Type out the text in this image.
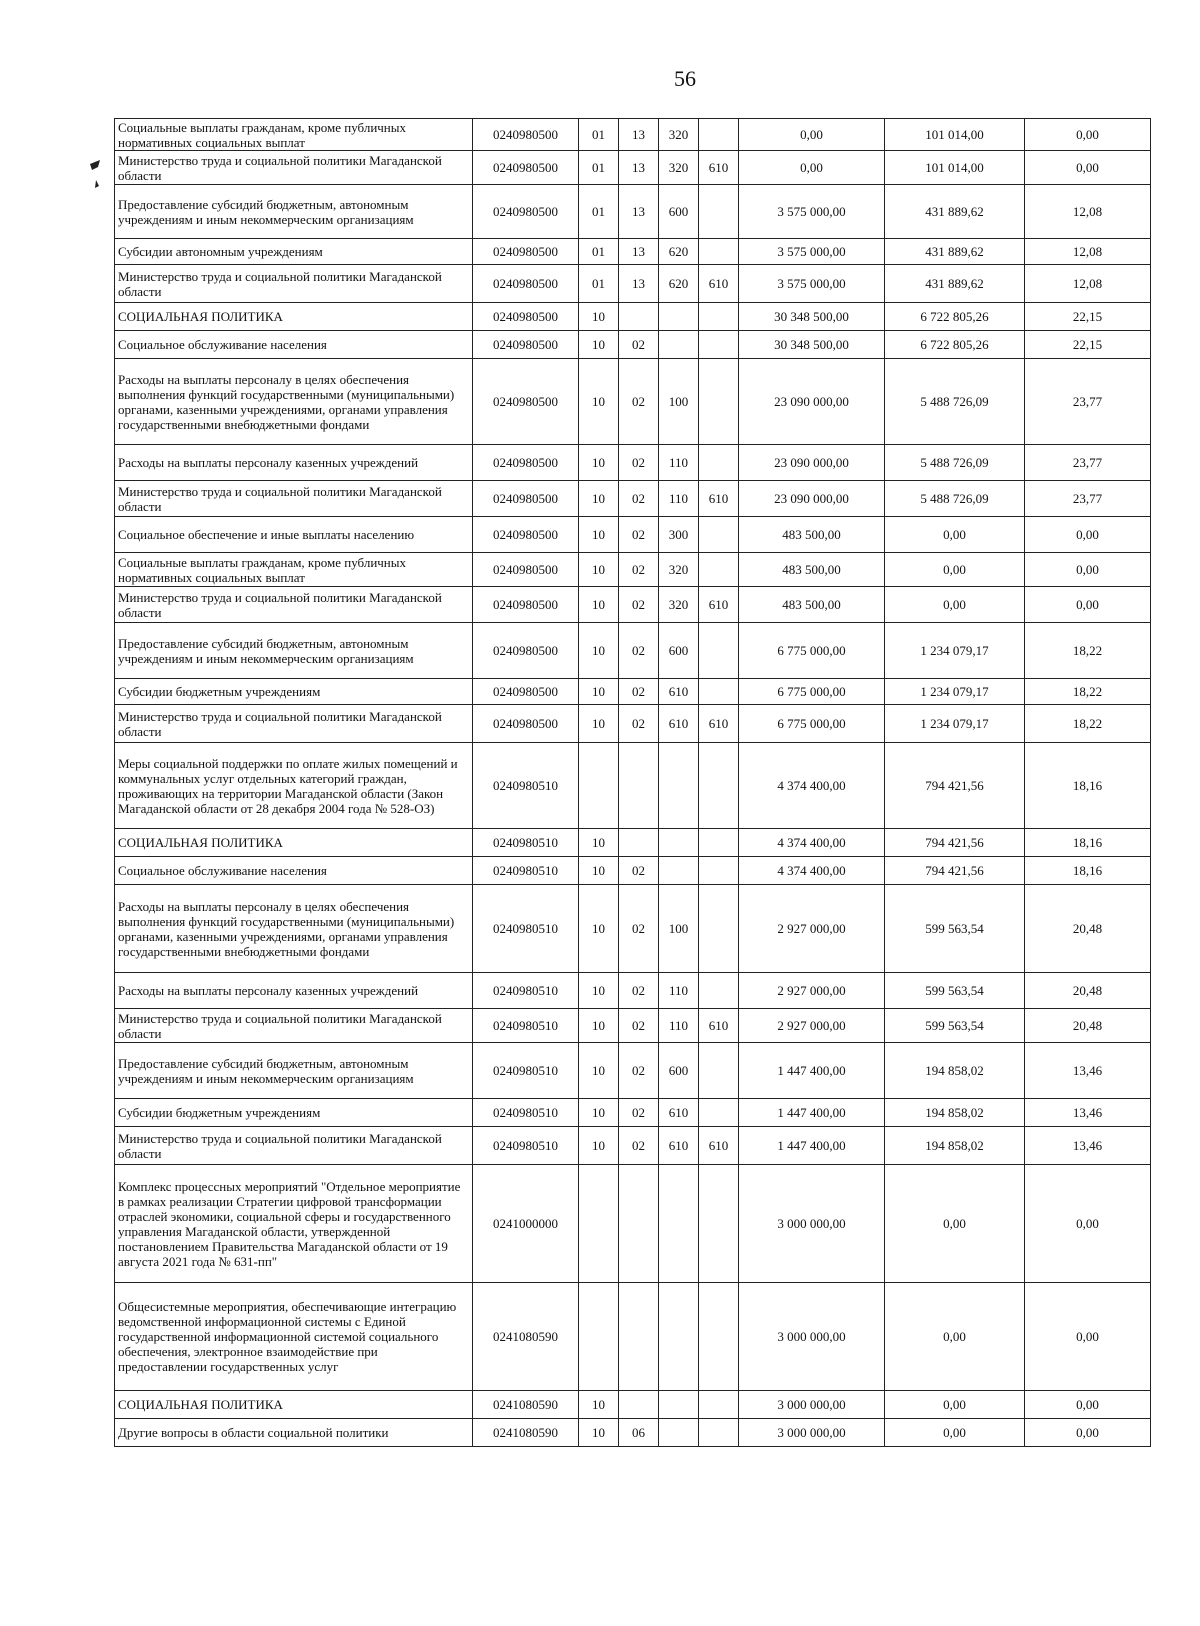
56
Социальные выплаты гражданам, кроме публичных нормативных социальных выплат	0240980500	01	13	320		0,00	101 014,00	0,00
Министерство труда и социальной политики Магаданской области	0240980500	01	13	320	610	0,00	101 014,00	0,00
Предоставление субсидий бюджетным, автономным учреждениям и иным некоммерческим организациям	0240980500	01	13	600		3 575 000,00	431 889,62	12,08
Субсидии автономным учреждениям	0240980500	01	13	620		3 575 000,00	431 889,62	12,08
Министерство труда и социальной политики Магаданской области	0240980500	01	13	620	610	3 575 000,00	431 889,62	12,08
СОЦИАЛЬНАЯ ПОЛИТИКА	0240980500	10				30 348 500,00	6 722 805,26	22,15
Социальное обслуживание населения	0240980500	10	02			30 348 500,00	6 722 805,26	22,15
Расходы на выплаты персоналу в целях обеспечения выполнения функций государственными (муниципальными) органами, казенными учреждениями, органами управления государственными внебюджетными фондами	0240980500	10	02	100		23 090 000,00	5 488 726,09	23,77
Расходы на выплаты персоналу казенных учреждений	0240980500	10	02	110		23 090 000,00	5 488 726,09	23,77
Министерство труда и социальной политики Магаданской области	0240980500	10	02	110	610	23 090 000,00	5 488 726,09	23,77
Социальное обеспечение и иные выплаты населению	0240980500	10	02	300		483 500,00	0,00	0,00
Социальные выплаты гражданам, кроме публичных нормативных социальных выплат	0240980500	10	02	320		483 500,00	0,00	0,00
Министерство труда и социальной политики Магаданской области	0240980500	10	02	320	610	483 500,00	0,00	0,00
Предоставление субсидий бюджетным, автономным учреждениям и иным некоммерческим организациям	0240980500	10	02	600		6 775 000,00	1 234 079,17	18,22
Субсидии бюджетным учреждениям	0240980500	10	02	610		6 775 000,00	1 234 079,17	18,22
Министерство труда и социальной политики Магаданской области	0240980500	10	02	610	610	6 775 000,00	1 234 079,17	18,22
Меры социальной поддержки по оплате жилых помещений и коммунальных услуг отдельных категорий граждан, проживающих на территории Магаданской области (Закон Магаданской области от 28 декабря 2004 года № 528-ОЗ)	0240980510					4 374 400,00	794 421,56	18,16
СОЦИАЛЬНАЯ ПОЛИТИКА	0240980510	10				4 374 400,00	794 421,56	18,16
Социальное обслуживание населения	0240980510	10	02			4 374 400,00	794 421,56	18,16
Расходы на выплаты персоналу в целях обеспечения выполнения функций государственными (муниципальными) органами, казенными учреждениями, органами управления государственными внебюджетными фондами	0240980510	10	02	100		2 927 000,00	599 563,54	20,48
Расходы на выплаты персоналу казенных учреждений	0240980510	10	02	110		2 927 000,00	599 563,54	20,48
Министерство труда и социальной политики Магаданской области	0240980510	10	02	110	610	2 927 000,00	599 563,54	20,48
Предоставление субсидий бюджетным, автономным учреждениям и иным некоммерческим организациям	0240980510	10	02	600		1 447 400,00	194 858,02	13,46
Субсидии бюджетным учреждениям	0240980510	10	02	610		1 447 400,00	194 858,02	13,46
Министерство труда и социальной политики Магаданской области	0240980510	10	02	610	610	1 447 400,00	194 858,02	13,46
Комплекс процессных мероприятий "Отдельное мероприятие в рамках реализации Стратегии цифровой трансформации отраслей экономики, социальной сферы и государственного управления Магаданской области, утвержденной постановлением Правительства Магаданской области от 19 августа 2021 года № 631-пп"	0241000000					3 000 000,00	0,00	0,00
Общесистемные мероприятия, обеспечивающие интеграцию ведомственной информационной системы с Единой государственной информационной системой социального обеспечения, электронное взаимодействие при предоставлении государственных услуг	0241080590					3 000 000,00	0,00	0,00
СОЦИАЛЬНАЯ ПОЛИТИКА	0241080590	10				3 000 000,00	0,00	0,00
Другие вопросы в области социальной политики	0241080590	10	06			3 000 000,00	0,00	0,00
